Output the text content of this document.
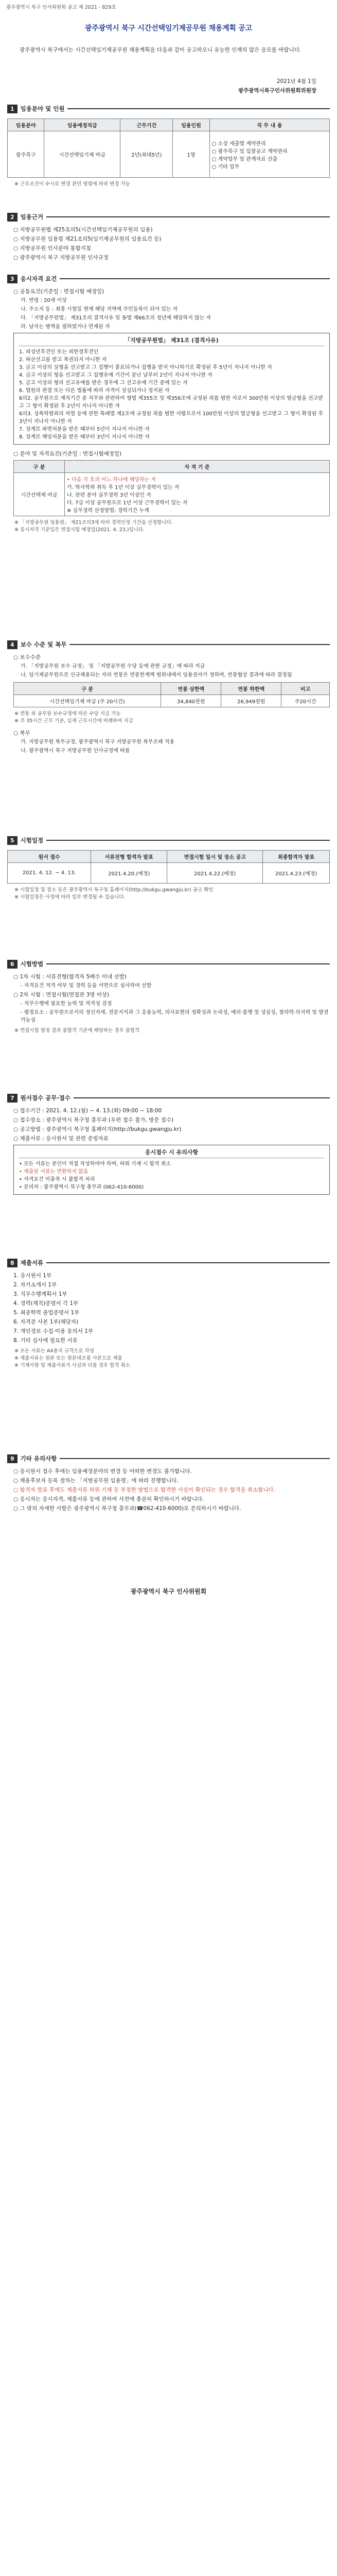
광주광역시 북구 인사위원회 공고 제 2021 - 829호
광주광역시 북구 시간선택임기제공무원 채용계획 공고
광주광역시 북구에서는 시간선택임기제공무원 채용계획을 다음과 같이 공고하오니 유능한 인재의 많은 응모를 바랍니다.
2021년 4월 1일
광주광역시북구인사위원회위원장
1	임용분야 및 인원
임용분야	임용예정직급	근무기간	임용인원	직 무 내 용
광주북구	시간선택임기제 마급	2년(최대5년)	1명	○ 소상 세출별 계약관리
○ 광주북구 및 입찰공고 계약관리
○ 계약업무 및 관계자료 산출
○ 기타 업무
※ 근무조건이 수시로 변경 관련 명령에 따라 변경 가능
2	임용근거
○ 지방공무원법 제25조의5(시간선택임기제공무원의 임용)
○ 지방공무원 임용령 제21조의5(임기제공무원의 임용요건 등)
○ 지방공무원 인사분야 통합지침
○ 광주광역시 북구 지방공무원 인사규정
3	응시자격 요건
○ 공통요건(기준일 : 면접시험 예정일)
가. 연령 : 20세 이상
나. 주소지 등 : 최종 시험일 현재 해당 지역에 주민등록이 되어 있는 자
다. 「지방공무원법」 제31조의 결격사유 및 동법 제66조의 정년에 해당하지 않는 자
라. 남자는 병역을 필하였거나 면제된 자
「지방공무원법」 제31조 (결격사유)
1. 피성년후견인 또는 피한정후견인
2. 파산선고를 받고 복권되지 아니한 자
3. 금고 이상의 실형을 선고받고 그 집행이 종료되거나 집행을 받지 아니하기로 확정된 후 5년이 지나지 아니한 자
4. 금고 이상의 형을 선고받고 그 집행유예 기간이 끝난 날부터 2년이 지나지 아니한 자
5. 금고 이상의 형의 선고유예를 받은 경우에 그 선고유예 기간 중에 있는 자
6. 법원의 판결 또는 다른 법률에 따라 자격이 상실되거나 정지된 자
6의2. 공무원으로 재직기간 중 직무와 관련하여 형법 제355조 및 제356조에 규정된 죄를 범한 자로서 300만원 이상의 벌금형을 선고받고 그 형이 확정된 후 2년이 지나지 아니한 자
6의3. 성폭력범죄의 처벌 등에 관한 특례법 제2조에 규정된 죄를 범한 사람으로서 100만원 이상의 벌금형을 선고받고 그 형이 확정된 후 3년이 지나지 아니한 자
7. 징계로 파면처분을 받은 때부터 5년이 지나지 아니한 자
8. 징계로 해임처분을 받은 때부터 3년이 지나지 아니한 자
○ 분야 및 자격요건(기준일 : 면접시험예정일)
구 분	자 격 기 준
시간선택제 마급	• 다음 각 호의 어느 하나에 해당하는 자
가. 학사학위 취득 후 1년 이상 실무경력이 있는 자
나. 관련 분야 실무경력 3년 이상인 자
다. 7급 이상 공무원으로 1년 이상 근무경력이 있는 자
※ 실무경력 산정방법: 경력기간 누계
※ 「지방공무원 임용령」 제21조의3에 따라 경력인정 기간을 산정합니다.
※ 응시자격 기준일은 면접시험 예정일(2021. 4. 23.)입니다.
4	보수 수준 및 복무
○ 보수수준
가. 「지방공무원 보수 규정」 및 「지방공무원 수당 등에 관한 규정」에 따라 지급
나. 임기제공무원으로 신규채용되는 자의 연봉은 연봉한계액 범위내에서 임용권자가 정하며, 연봉협상 결과에 따라 결정됨
구 분	연봉 상한액	연봉 하한액	비고
시간선택임기제 마급 (주 20시간)	34,840천원	26,949천원	주20시간
※ 연봉 외 공무원 보수규정에 따른 수당 지급 가능
※ 주 35시간 근무 기준, 실제 근무시간에 비례하여 지급
○ 복무
가. 지방공무원 복무규정, 광주광역시 북구 지방공무원 복무조례 적용
나. 광주광역시 북구 지방공무원 인사규정에 따름
5	시험일정
원서 접수	서류전형 합격자 발표	면접시험 일시 및 장소 공고	최종합격자 발표
2021. 4. 12. ~ 4. 13.	2021.4.20.(예정)	2021.4.22.(예정)	2021.4.23.(예정)
※ 시험일정 및 장소 등은 광주광역시 북구청 홈페이지(http://bukgu.gwangju.kr) 공고 확인
※ 시험일정은 사정에 따라 일부 변경될 수 있습니다.
6	시험방법
○ 1차 시험 : 서류전형(합격자 5배수 이내 선발)
- 자격요건 적격 여부 및 경력 등을 서면으로 심사하여 선발
○ 2차 시험 : 면접시험(면접관 3명 이상)
- 직무수행에 필요한 능력 및 적격성 검정
- 평정요소 : 공무원으로서의 정신자세, 전문지식과 그 응용능력, 의사표현의 정확성과 논리성, 예의·품행 및 성실성, 창의력·의지력 및 발전가능성
※ 면접시험 평정 결과 불합격 기준에 해당하는 경우 불합격
7	원서접수 공무·접수
○ 접수기간 : 2021. 4. 12.(월) ~ 4. 13.(화) 09:00 ~ 18:00
○ 접수장소 : 광주광역시 북구청 총무과 (우편 접수 불가, 방문 접수)
○ 공고방법 : 광주광역시 북구청 홈페이지(http://bukgu.gwangju.kr)
○ 제출서류 : 응시원서 및 관련 증빙자료
응시접수 시 유의사항
• 모든 서류는 본인이 직접 작성하여야 하며, 허위 기재 시 합격 취소
• 제출된 서류는 반환하지 않음
• 자격요건 미충족 시 불합격 처리
• 문의처 : 광주광역시 북구청 총무과 (062-410-6000)
8	제출서류
1. 응시원서 1부
2. 자기소개서 1부
3. 직무수행계획서 1부
4. 경력(재직)증명서 각 1부
5. 최종학력 졸업증명서 1부
6. 자격증 사본 1부(해당자)
7. 개인정보 수집·이용 동의서 1부
8. 기타 심사에 필요한 서류
※ 모든 서류는 A4용지 규격으로 작성
※ 제출서류는 원본 또는 원본대조필 사본으로 제출
※ 기재사항 및 제출서류가 사실과 다를 경우 합격 취소
9	기타 유의사항
○ 응시원서 접수 후에는 임용예정분야의 변경 등 어떠한 변경도 불가합니다.
○ 채용후보자 등록 절차는 「지방공무원 임용령」에 따라 진행합니다.
○ 합격자 발표 후에도 제출서류 허위 기재 등 부정한 방법으로 합격한 사실이 확인되는 경우 합격을 취소합니다.
○ 응시자는 응시자격, 제출서류 등에 관하여 사전에 충분히 확인하시기 바랍니다.
○ 그 밖의 자세한 사항은 광주광역시 북구청 총무과(☎062-410-6000)로 문의하시기 바랍니다.
광주광역시 북구 인사위원회
